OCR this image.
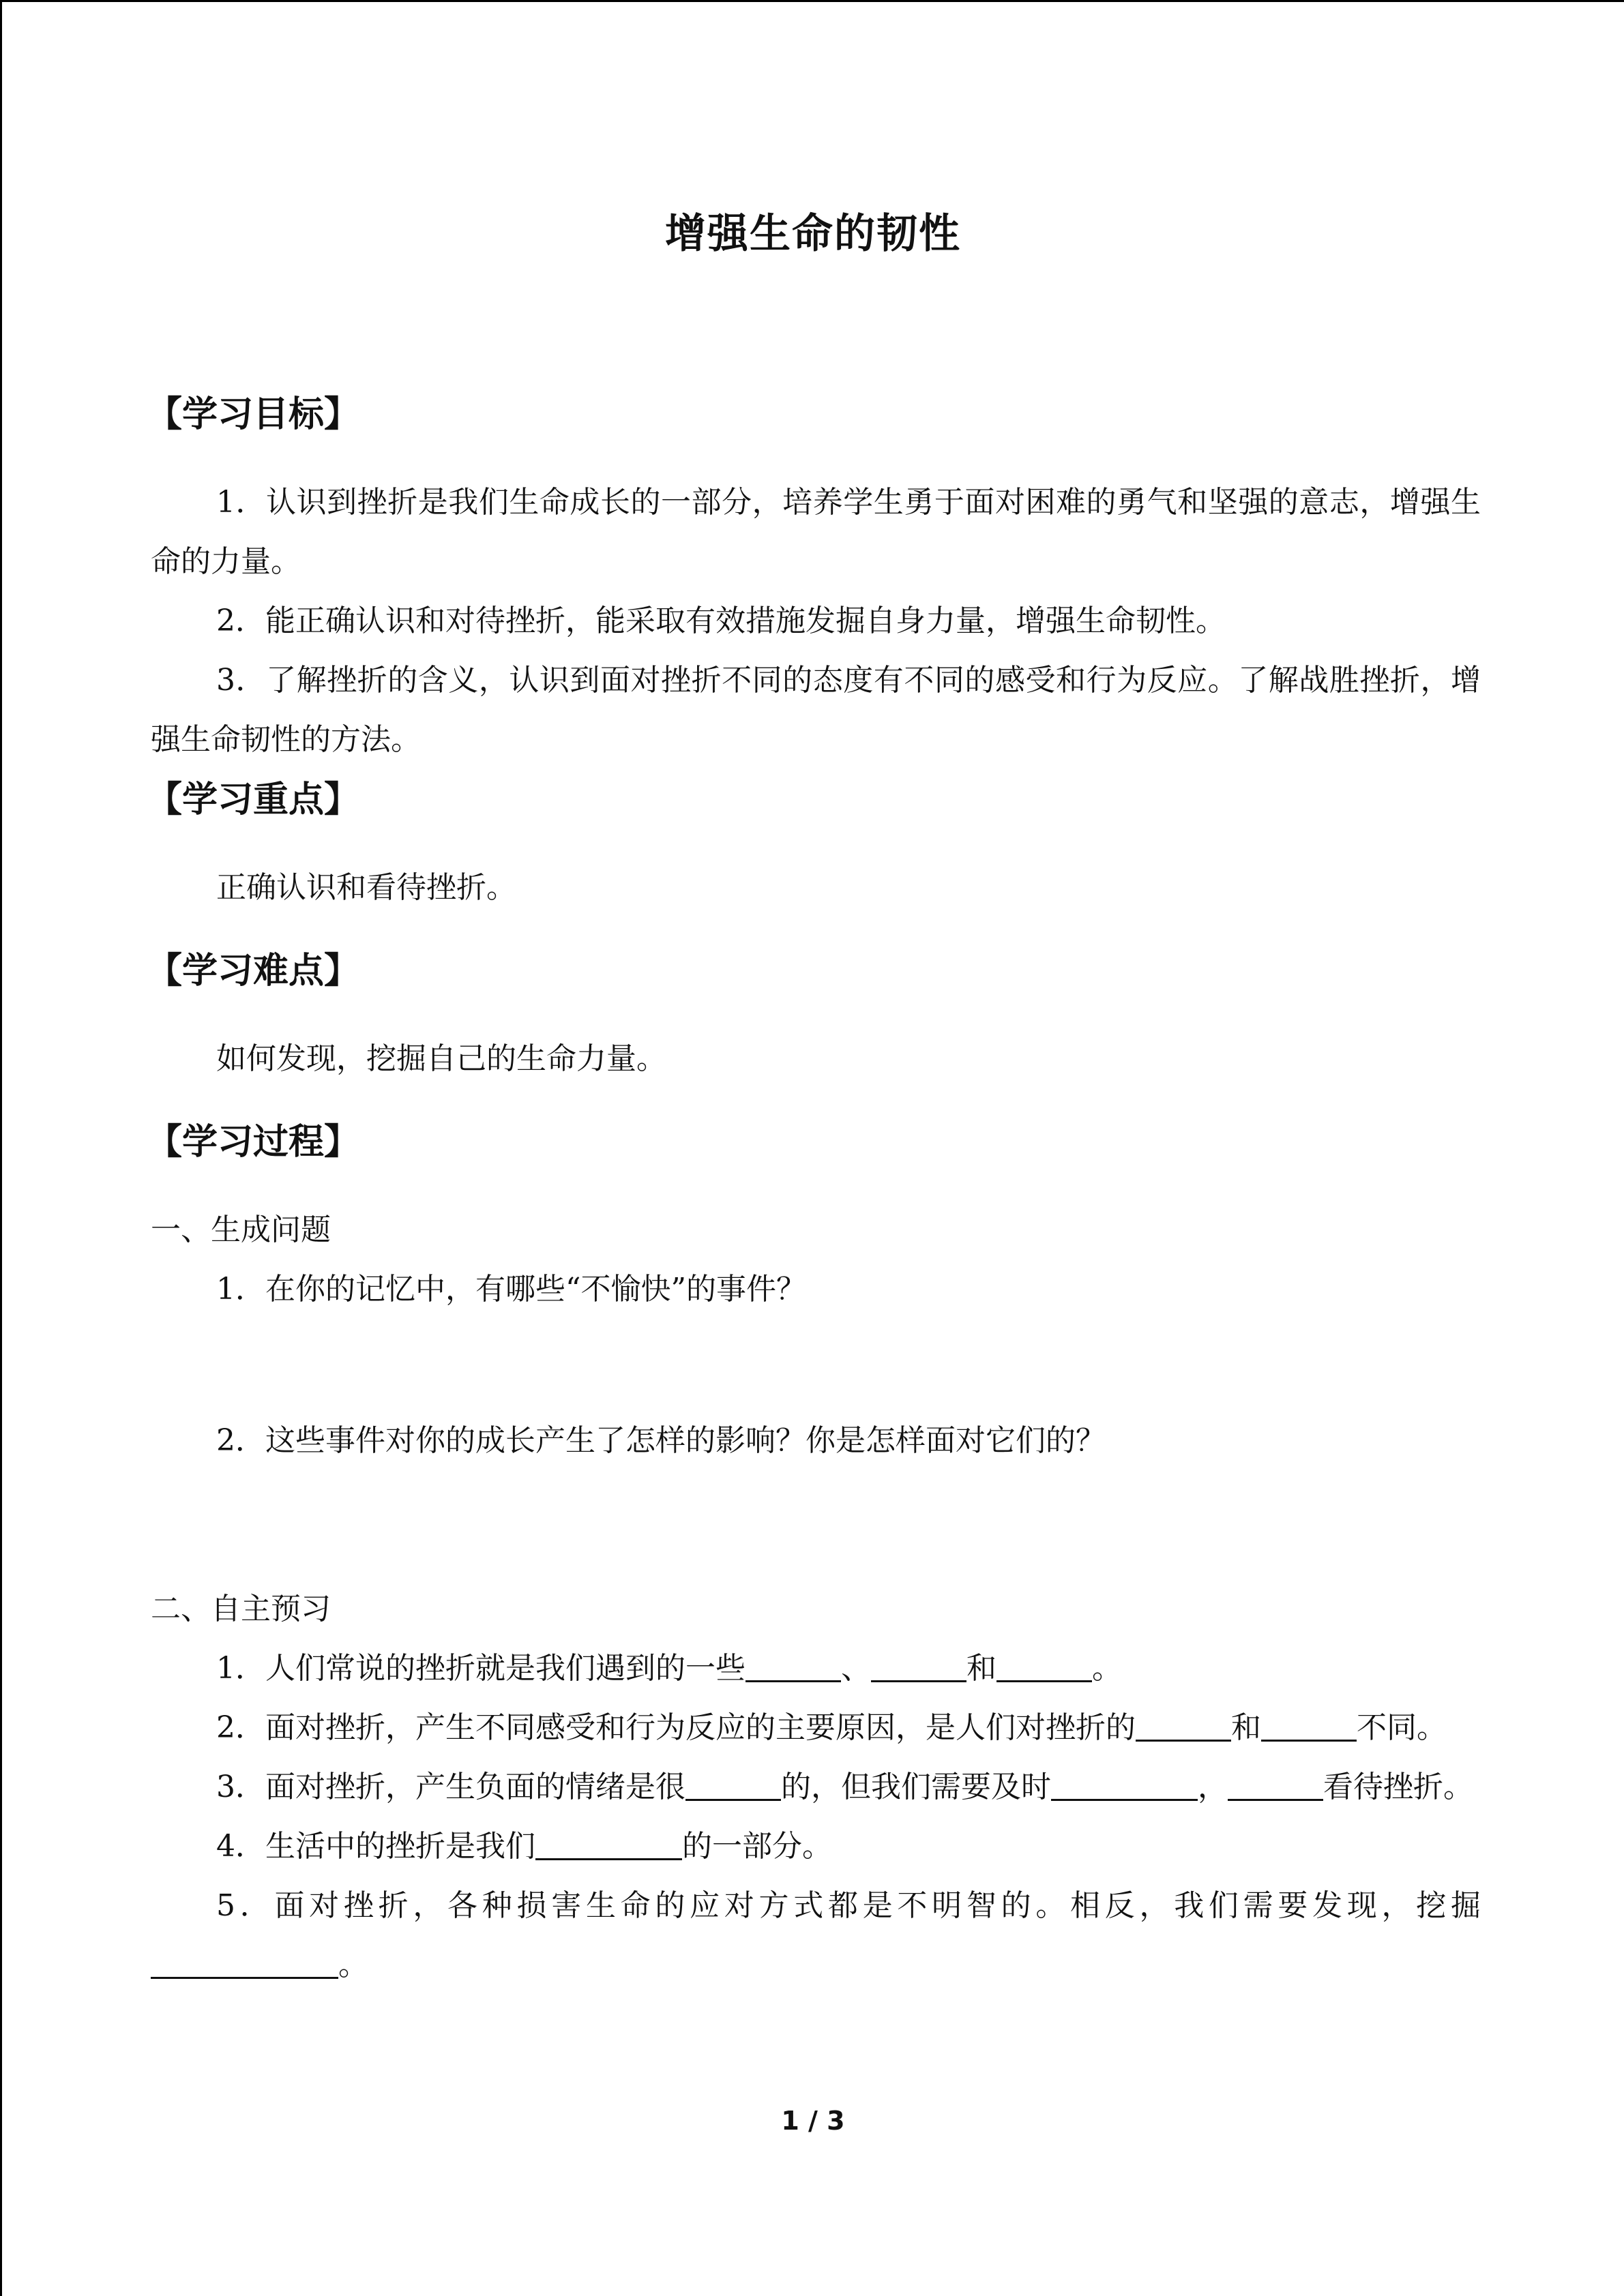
增强生命的韧性
【学习目标】
1．认识到挫折是我们生命成长的一部分，培养学生勇于面对困难的勇气和坚强的意志，增强生命的力量。
2．能正确认识和对待挫折，能采取有效措施发掘自身力量，增强生命韧性。
3．了解挫折的含义，认识到面对挫折不同的态度有不同的感受和行为反应。了解战胜挫折，增强生命韧性的方法。
【学习重点】
正确认识和看待挫折。
【学习难点】
如何发现，挖掘自己的生命力量。
【学习过程】
一、生成问题
1．在你的记忆中，有哪些“不愉快”的事件？
2．这些事件对你的成长产生了怎样的影响？你是怎样面对它们的？
二、自主预习
1．人们常说的挫折就是我们遇到的一些	、	和	。
2．面对挫折，产生不同感受和行为反应的主要原因，是人们对挫折的	和	不同。
3．面对挫折，产生负面的情绪是很	的，但我们需要及时	，	看待挫折。
4．生活中的挫折是我们	的一部分。
5．面对挫折，各种损害生命的应对方式都是不明智的。相反，我们需要发现，挖掘。
1 / 3
